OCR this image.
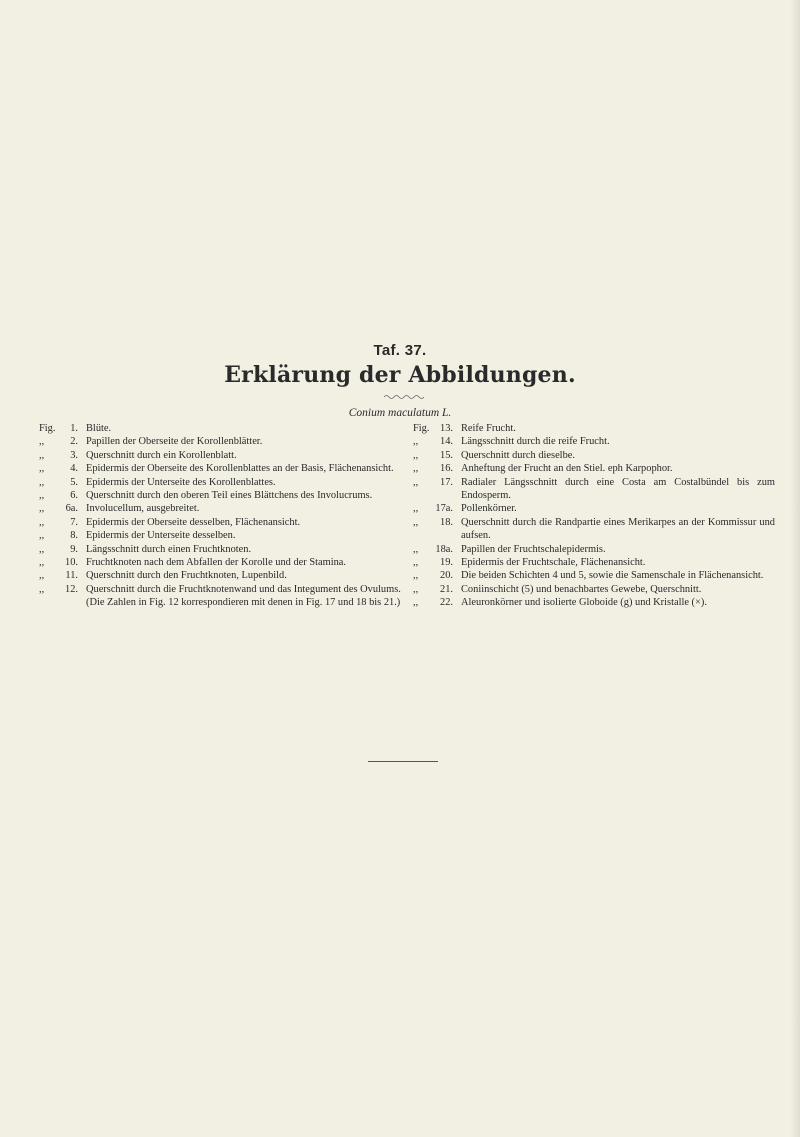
Taf. 37.
Erklärung der Abbildungen.
Conium maculatum L.
Fig.	1. Blüte.
,,	2. Papillen der Oberseite der Korollenblätter.
,,	3. Querschnitt durch ein Korollenblatt.
,,	4. Epidermis der Oberseite des Korollenblattes an der Basis, Flächenansicht.
,,	5. Epidermis der Unterseite des Korollenblattes.
,,	6. Querschnitt durch den oberen Teil eines Blättchens des Involucrums.
,,	6a. Involucellum, ausgebreitet.
,,	7. Epidermis der Oberseite desselben, Flächenansicht.
,,	8. Epidermis der Unterseite desselben.
,,	9. Längsschnitt durch einen Fruchtknoten.
,,	10. Fruchtknoten nach dem Abfallen der Korolle und der Stamina.
,,	11. Querschnitt durch den Fruchtknoten, Lupenbild.
,,	12. Querschnitt durch die Fruchtknotenwand und das Integument des Ovulums.
(Die Zahlen in Fig. 12 korrespondieren mit denen in Fig. 17 und 18 bis 21.)
Fig.	13. Reife Frucht.
,,	14. Längsschnitt durch die reife Frucht.
,,	15. Querschnitt durch dieselbe.
,,	16. Anheftung der Frucht an den Stiel. eph Karpophor.
,,	17. Radialer Längsschnitt durch eine Costa am Costalbündel bis zum Endosperm.
,,	17a. Pollenkörner.
,,	18. Querschnitt durch die Randpartie eines Merikarpes an der Kommissur und aufsen.
,,	18a. Papillen der Fruchtschalepidermis.
,,	19. Epidermis der Fruchtschale, Flächenansicht.
,,	20. Die beiden Schichten 4 und 5, sowie die Samenschale in Flächenansicht.
,,	21. Coniinschicht (5) und benachbartes Gewebe, Querschnitt.
,,	22. Aleuronkörner und isolierte Globoide (g) und Kristalle (×).
